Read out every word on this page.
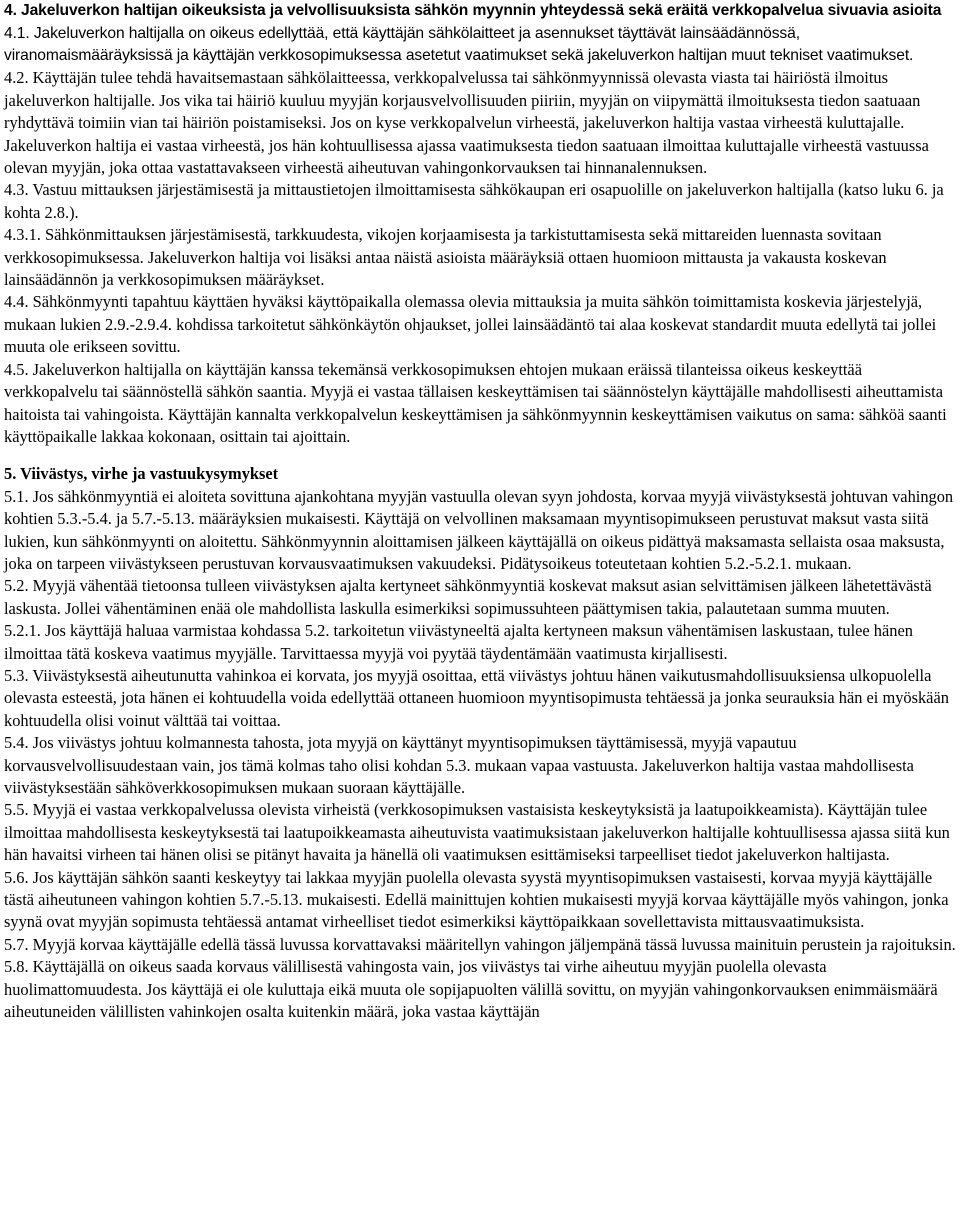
4. Jakeluverkon haltijan oikeuksista ja velvollisuuksista sähkön myynnin yhteydessä sekä eräitä verkkopalvelua sivuavia asioita

4.1. Jakeluverkon haltijalla on oikeus edellyttää, että käyttäjän sähkölaitteet ja asennukset täyttävät lainsäädännössä, viranomaismääräyksissä ja käyttäjän verkkosopimuksessa asetetut vaatimukset sekä jakeluverkon haltijan muut tekniset vaatimukset.

4.2. Käyttäjän tulee tehdä havaitsemastaan sähkölaitteessa, verkkopalvelussa tai sähkönmyynnissä olevasta viasta tai häiriöstä ilmoitus jakeluverkon haltijalle. Jos vika tai häiriö kuuluu myyjän korjausvelvollisuuden piiriin, myyjän on viipymättä ilmoituksesta tiedon saatuaan ryhdyttävä toimiin vian tai häiriön poistamiseksi. Jos on kyse verkkopalvelun virheestä, jakeluverkon haltija vastaa virheestä kuluttajalle. Jakeluverkon haltija ei vastaa virheestä, jos hän kohtuullisessa ajassa vaatimuksesta tiedon saatuaan ilmoittaa kuluttajalle virheestä vastuussa olevan myyjän, joka ottaa vastattavakseen virheestä aiheutuvan vahingonkorvauksen tai hinnanalennuksen.

4.3. Vastuu mittauksen järjestämisestä ja mittaustietojen ilmoittamisesta sähkökaupan eri osapuolille on jakeluverkon haltijalla (katso luku 6. ja kohta 2.8.).

4.3.1. Sähkönmittauksen järjestämisestä, tarkkuudesta, vikojen korjaamisesta ja tarkistuttamisesta sekä mittareiden luennasta sovitaan verkkosopimuksessa. Jakeluverkon haltija voi lisäksi antaa näistä asioista määräyksiä ottaen huomioon mittausta ja vakausta koskevan lainsäädännön ja verkkosopimuksen määräykset.

4.4. Sähkönmyynti tapahtuu käyttäen hyväksi käyttöpaikalla olemassa olevia mittauksia ja muita sähkön toimittamista koskevia järjestelyjä, mukaan lukien 2.9.-2.9.4. kohdissa tarkoitetut sähkönkäytön ohjaukset, jollei lainsäädäntö tai alaa koskevat standardit muuta edellytä tai jollei muuta ole erikseen sovittu.

4.5. Jakeluverkon haltijalla on käyttäjän kanssa tekemänsä verkkosopimuksen ehtojen mukaan eräissä tilanteissa oikeus keskeyttää verkkopalvelu tai säännöstellä sähkön saantia. Myyjä ei vastaa tällaisen keskeyttämisen tai säännöstelyn käyttäjälle mahdollisesti aiheuttamista haitoista tai vahingoista. Käyttäjän kannalta verkkopalvelun keskeyttämisen ja sähkönmyynnin keskeyttämisen vaikutus on sama: sähköä saanti käyttöpaikalle lakkaa kokonaan, osittain tai ajoittain.

5. Viivästys, virhe ja vastuukysymykset

5.1. Jos sähkönmyyntiä ei aloiteta sovittuna ajankohtana myyjän vastuulla olevan syyn johdosta, korvaa myyjä viivästyksestä johtuvan vahingon kohtien 5.3.-5.4. ja 5.7.-5.13. määräyksien mukaisesti. Käyttäjä on velvollinen maksamaan myyntisopimukseen perustuvat maksut vasta siitä lukien, kun sähkönmyynti on aloitettu. Sähkönmyynnin aloittamisen jälkeen käyttäjällä on oikeus pidättyä maksamasta sellaista osaa maksusta, joka on tarpeen viivästykseen perustuvan korvausvaatimuksen vakuudeksi. Pidätysoikeus toteutetaan kohtien 5.2.-5.2.1. mukaan.

5.2. Myyjä vähentää tietoonsa tulleen viivästyksen ajalta kertyneet sähkönmyyntiä koskevat maksut asian selvittämisen jälkeen lähetettävästä laskusta. Jollei vähentäminen enää ole mahdollista laskulla esimerkiksi sopimussuhteen päättymisen takia, palautetaan summa muuten.

5.2.1. Jos käyttäjä haluaa varmistaa kohdassa 5.2. tarkoitetun viivästyneeltä ajalta kertyneen maksun vähentämisen laskustaan, tulee hänen ilmoittaa tätä koskeva vaatimus myyjälle. Tarvittaessa myyjä voi pyytää täydentämään vaatimusta kirjallisesti.

5.3. Viivästyksestä aiheutunutta vahinkoa ei korvata, jos myyjä osoittaa, että viivästys johtuu hänen vaikutusmahdollisuuksiensa ulkopuolella olevasta esteestä, jota hänen ei kohtuudella voida edellyttää ottaneen huomioon myyntisopimusta tehtäessä ja jonka seurauksia hän ei myöskään kohtuudella olisi voinut välttää tai voittaa.

5.4. Jos viivästys johtuu kolmannesta tahosta, jota myyjä on käyttänyt myyntisopimuksen täyttämisessä, myyjä vapautuu korvausvelvollisuudestaan vain, jos tämä kolmas taho olisi kohdan 5.3. mukaan vapaa vastuusta. Jakeluverkon haltija vastaa mahdollisesta viivästyksestään sähköverkkosopimuksen mukaan suoraan käyttäjälle.

5.5. Myyjä ei vastaa verkkopalvelussa olevista virheistä (verkkosopimuksen vastaisista keskeytyksistä ja laatupoikkeamista). Käyttäjän tulee ilmoittaa mahdollisesta keskeytyksestä tai laatupoikkeamasta aiheutuvista vaatimuksistaan jakeluverkon haltijalle kohtuullisessa ajassa siitä kun hän havaitsi virheen tai hänen olisi se pitänyt havaita ja hänellä oli vaatimuksen esittämiseksi tarpeelliset tiedot jakeluverkon haltijasta.

5.6. Jos käyttäjän sähkön saanti keskeytyy tai lakkaa myyjän puolella olevasta syystä myyntisopimuksen vastaisesti, korvaa myyjä käyttäjälle tästä aiheutuneen vahingon kohtien 5.7.-5.13. mukaisesti. Edellä mainittujen kohtien mukaisesti myyjä korvaa käyttäjälle myös vahingon, jonka syynä ovat myyjän sopimusta tehtäessä antamat virheelliset tiedot esimerkiksi käyttöpaikkaan sovellettavista mittausvaatimuksista.

5.7. Myyjä korvaa käyttäjälle edellä tässä luvussa korvattavaksi määritellyn vahingon jäljempänä tässä luvussa mainituin perustein ja rajoituksin.

5.8. Käyttäjällä on oikeus saada korvaus välillisestä vahingosta vain, jos viivästys tai virhe aiheutuu myyjän puolella olevasta huolimattomuudesta. Jos käyttäjä ei ole kuluttaja eikä muuta ole sopijapuolten välillä sovittu, on myyjän vahingonkorvauksen enimmäismäärä aiheutuneiden välillisten vahinkojen osalta kuitenkin määrä, joka vastaa käyttäjän
